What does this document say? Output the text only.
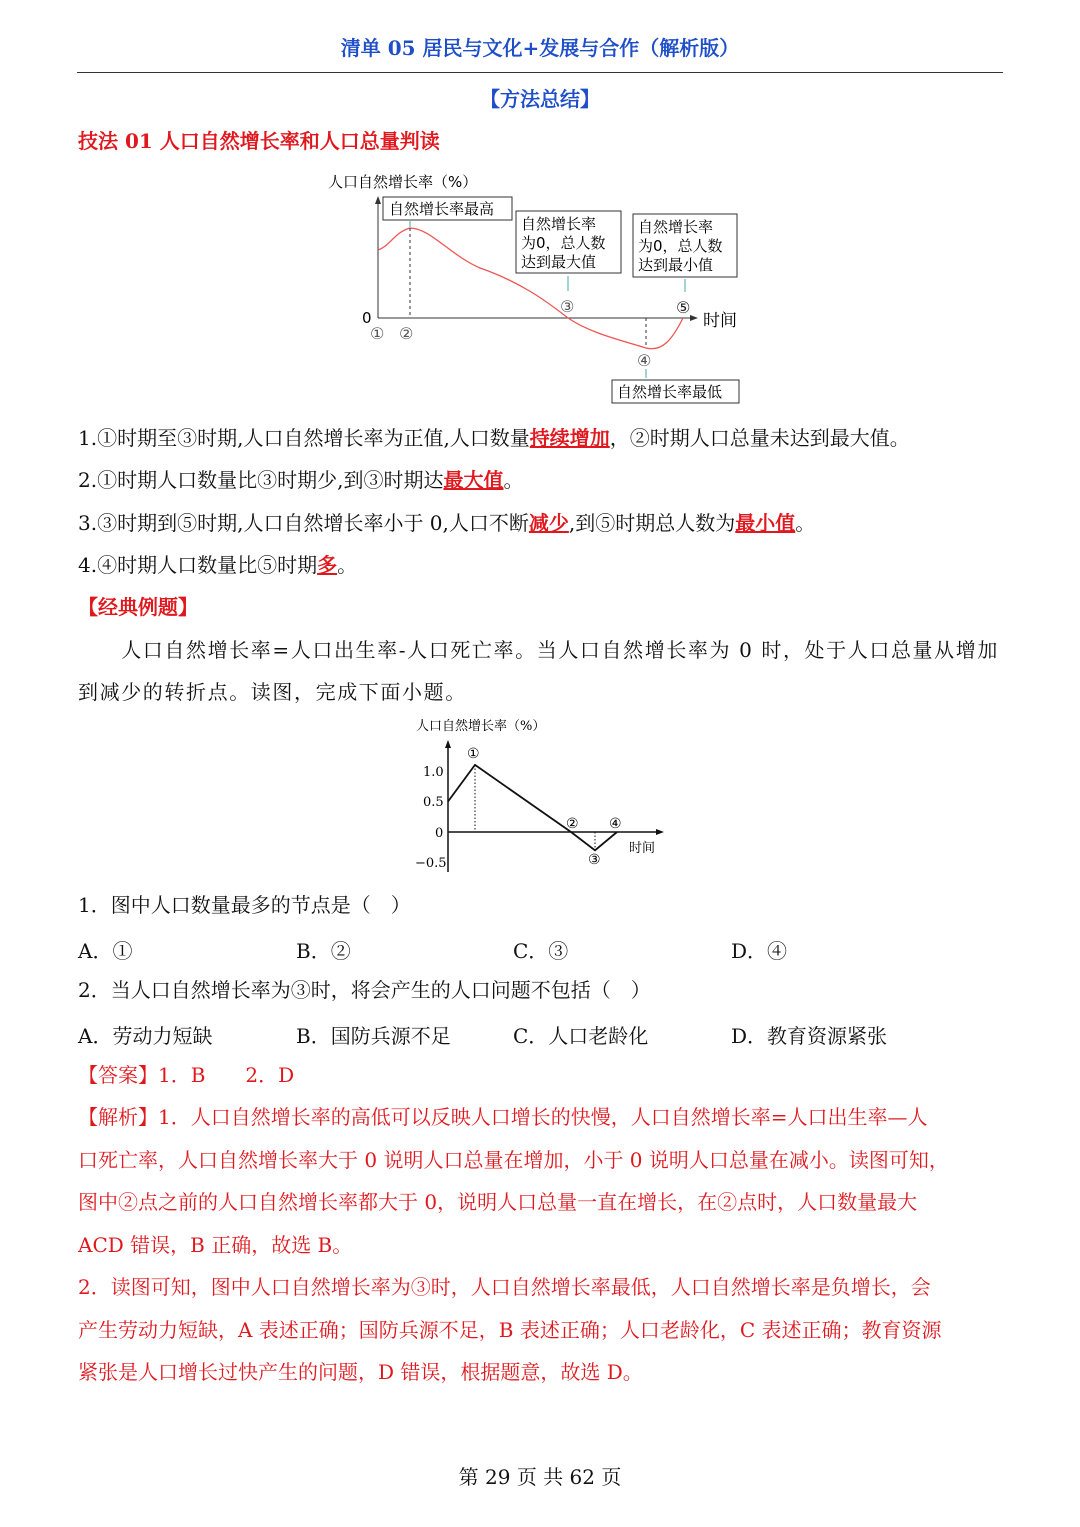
清单 05 居民与文化+发展与合作（解析版）
【方法总结】
技法 01 人口自然增长率和人口总量判读
人口自然增长率（%）
0	时间
① ②
③
④
⑤
自然增长率最高
自然增长率
为0，总人数
达到最大值
自然增长率
为0，总人数
达到最小值
自然增长率最低
1.①时期至③时期,人口自然增长率为正值,人口数量持续增加，②时期人口总量未达到最大值。
2.①时期人口数量比③时期少,到③时期达最大值。
3.③时期到⑤时期,人口自然增长率小于 0,人口不断减少,到⑤时期总人数为最小值。
4.④时期人口数量比⑤时期多。
【经典例题】
　　人口自然增长率=人口出生率-人口死亡率。当人口自然增长率为 0 时，处于人口总量从增加
到减少的转折点。读图，完成下面小题。
人口自然增长率（%）
1.0
0.5
0
−0.5
①
②
③
④
时间
1．图中人口数量最多的节点是（　）
A．①	B．②	C．③	D．④
2．当人口自然增长率为③时，将会产生的人口问题不包括（　）
A．劳动力短缺	B．国防兵源不足	C．人口老龄化	D．教育资源紧张
【答案】1．B　　2．D
【解析】1．人口自然增长率的高低可以反映人口增长的快慢，人口自然增长率=人口出生率—人
口死亡率，人口自然增长率大于 0 说明人口总量在增加，小于 0 说明人口总量在减小。读图可知，
图中②点之前的人口自然增长率都大于 0，说明人口总量一直在增长，在②点时，人口数量最大
ACD 错误，B 正确，故选 B。
2．读图可知，图中人口自然增长率为③时，人口自然增长率最低，人口自然增长率是负增长，会
产生劳动力短缺，A 表述正确；国防兵源不足，B 表述正确；人口老龄化，C 表述正确；教育资源
紧张是人口增长过快产生的问题，D 错误，根据题意，故选 D。
第 29 页 共 62 页
